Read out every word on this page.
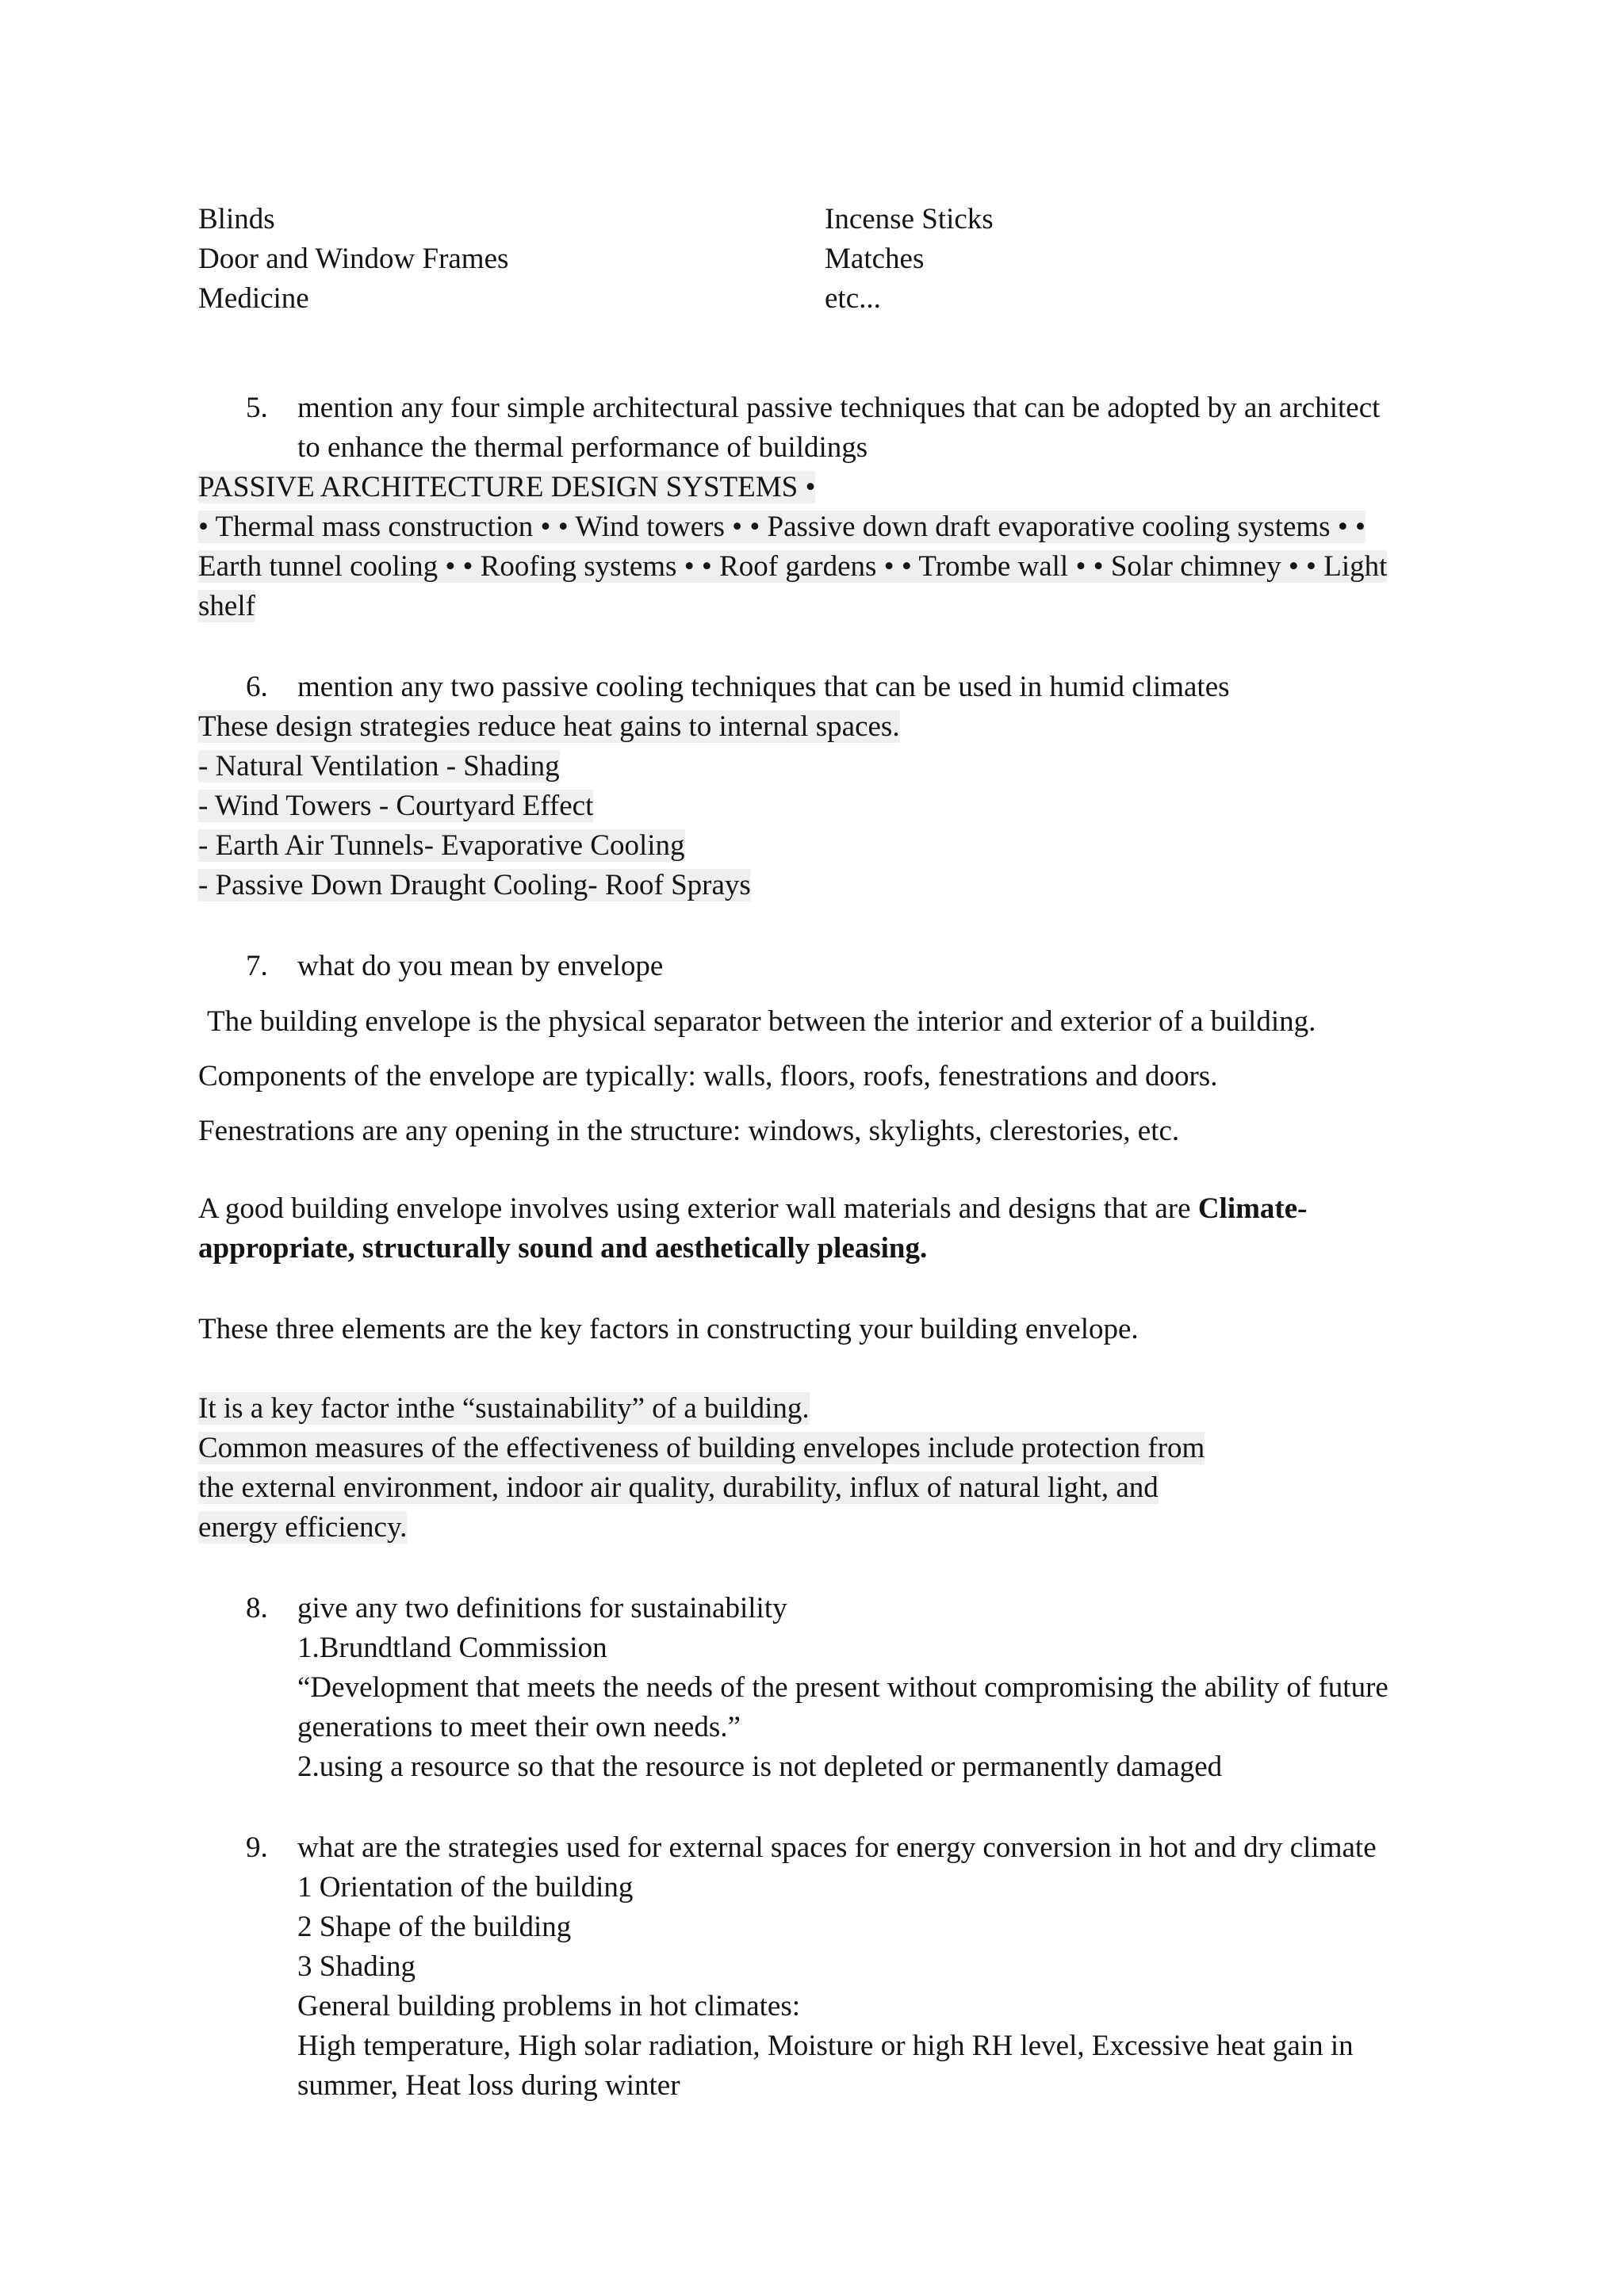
Blinds
Door and Window Frames
Medicine
Incense Sticks
Matches
etc...
5. mention any four simple architectural passive techniques that can be adopted by an architect
to enhance the thermal performance of buildings
PASSIVE ARCHITECTURE DESIGN SYSTEMS •
• Thermal mass construction • • Wind towers • • Passive down draft evaporative cooling systems • •
Earth tunnel cooling • • Roofing systems • • Roof gardens • • Trombe wall • • Solar chimney • • Light
shelf
6. mention any two passive cooling techniques that can be used in humid climates
These design strategies reduce heat gains to internal spaces.
- Natural Ventilation - Shading
- Wind Towers - Courtyard Effect
- Earth Air Tunnels- Evaporative Cooling
- Passive Down Draught Cooling- Roof Sprays
7. what do you mean by envelope
The building envelope is the physical separator between the interior and exterior of a building.
Components of the envelope are typically: walls, floors, roofs, fenestrations and doors.
Fenestrations are any opening in the structure: windows, skylights, clerestories, etc.
A good building envelope involves using exterior wall materials and designs that are Climate-
appropriate, structurally sound and aesthetically pleasing.
These three elements are the key factors in constructing your building envelope.
It is a key factor inthe “sustainability” of a building.
Common measures of the effectiveness of building envelopes include protection from
the external environment, indoor air quality, durability, influx of natural light, and
energy efficiency.
8. give any two definitions for sustainability
1.Brundtland Commission
“Development that meets the needs of the present without compromising the ability of future
generations to meet their own needs.”
2.using a resource so that the resource is not depleted or permanently damaged
9. what are the strategies used for external spaces for energy conversion in hot and dry climate
1 Orientation of the building
2 Shape of the building
3 Shading
General building problems in hot climates:
High temperature, High solar radiation, Moisture or high RH level, Excessive heat gain in
summer, Heat loss during winter
